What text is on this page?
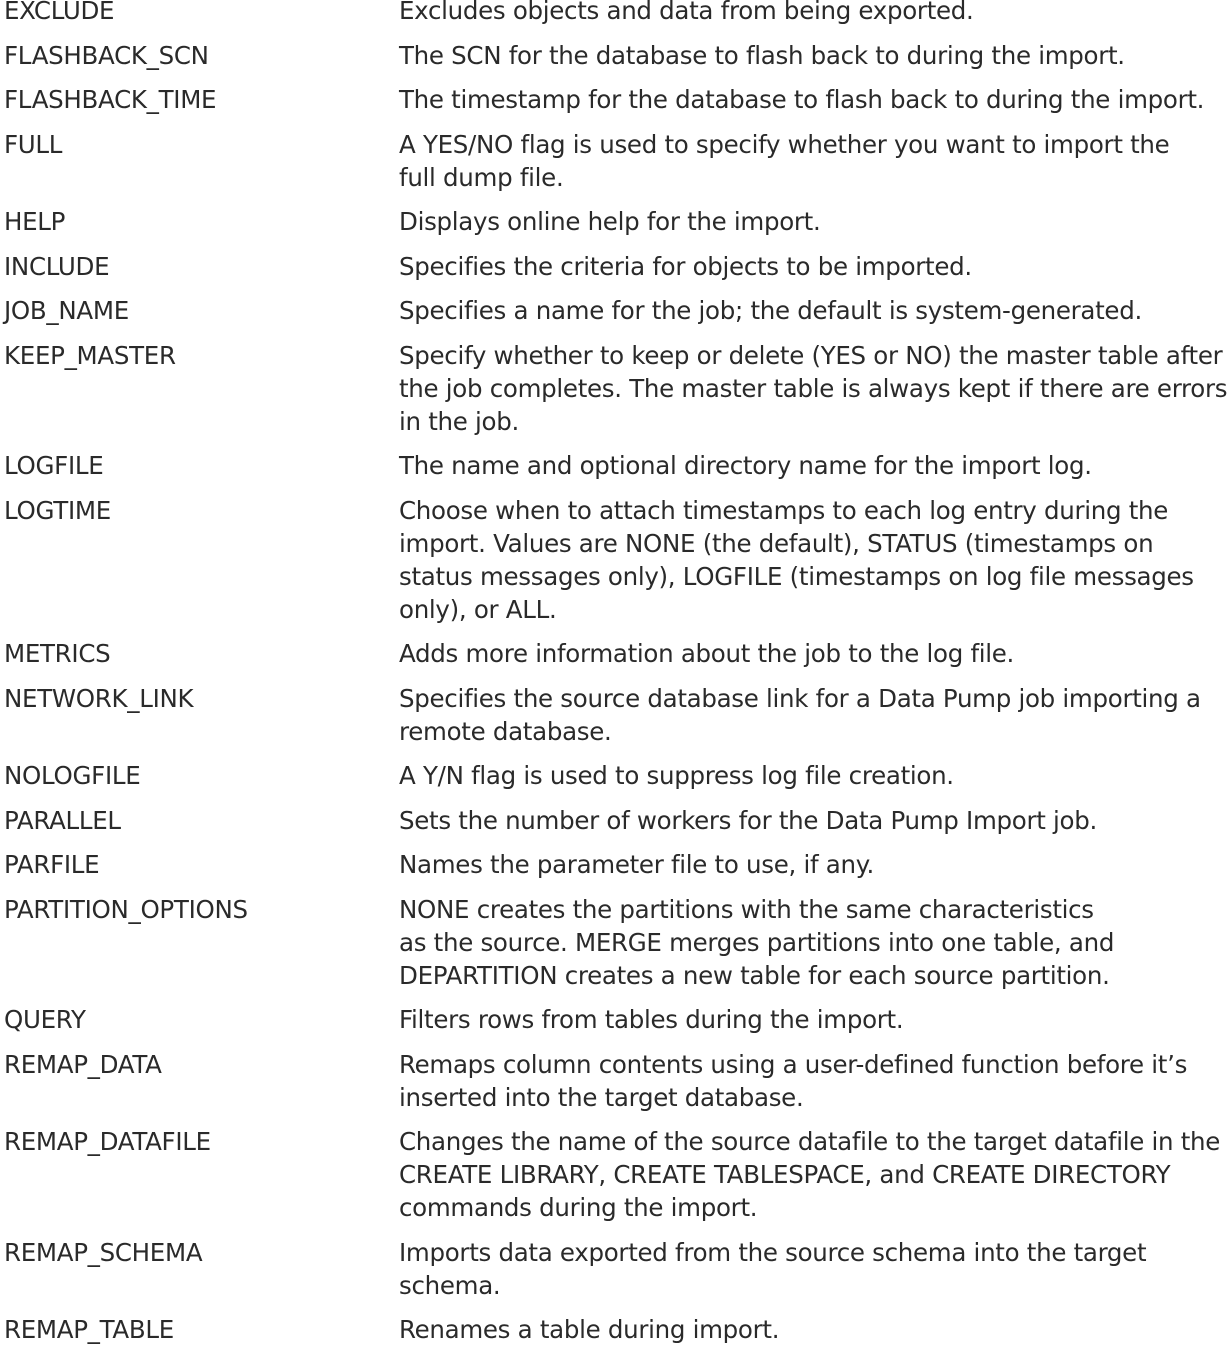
EXCLUDE	Excludes objects and data from being exported.
FLASHBACK_SCN	The SCN for the database to flash back to during the import.
FLASHBACK_TIME	The timestamp for the database to flash back to during the import.
FULL	A YES/NO flag is used to specify whether you want to import the
full dump file.
HELP	Displays online help for the import.
INCLUDE	Specifies the criteria for objects to be imported.
JOB_NAME	Specifies a name for the job; the default is system-generated.
KEEP_MASTER	Specify whether to keep or delete (YES or NO) the master table after
the job completes. The master table is always kept if there are errors
in the job.
LOGFILE	The name and optional directory name for the import log.
LOGTIME	Choose when to attach timestamps to each log entry during the
import. Values are NONE (the default), STATUS (timestamps on
status messages only), LOGFILE (timestamps on log file messages
only), or ALL.
METRICS	Adds more information about the job to the log file.
NETWORK_LINK	Specifies the source database link for a Data Pump job importing a
remote database.
NOLOGFILE	A Y/N flag is used to suppress log file creation.
PARALLEL	Sets the number of workers for the Data Pump Import job.
PARFILE	Names the parameter file to use, if any.
PARTITION_OPTIONS	NONE creates the partitions with the same characteristics
as the source. MERGE merges partitions into one table, and
DEPARTITION creates a new table for each source partition.
QUERY	Filters rows from tables during the import.
REMAP_DATA	Remaps column contents using a user-defined function before it’s
inserted into the target database.
REMAP_DATAFILE	Changes the name of the source datafile to the target datafile in the
CREATE LIBRARY, CREATE TABLESPACE, and CREATE DIRECTORY
commands during the import.
REMAP_SCHEMA	Imports data exported from the source schema into the target
schema.
REMAP_TABLE	Renames a table during import.
